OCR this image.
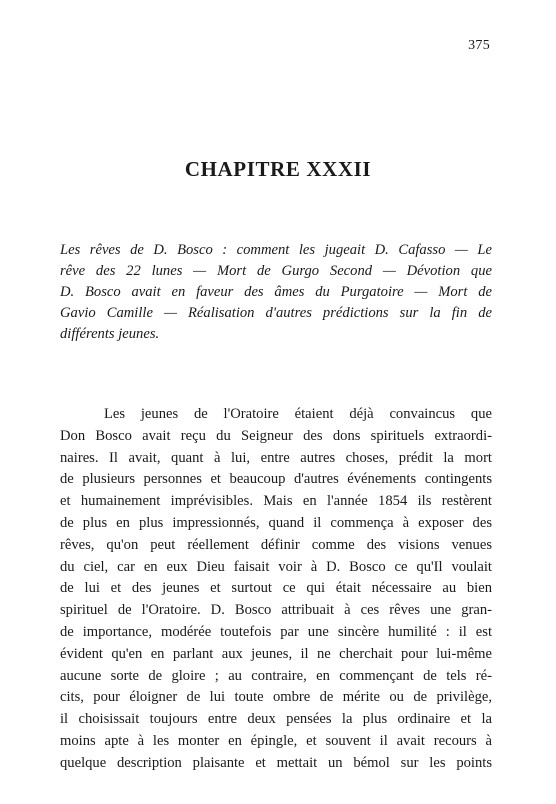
375
CHAPITRE XXXII
Les rêves de D. Bosco : comment les jugeait D. Cafasso — Le
rêve des 22 lunes — Mort de Gurgo Second — Dévotion que
D. Bosco avait en faveur des âmes du Purgatoire — Mort de
Gavio Camille — Réalisation d'autres prédictions sur la fin de
différents jeunes.
Les jeunes de l'Oratoire étaient déjà convaincus que
Don Bosco avait reçu du Seigneur des dons spirituels extraordi-
naires. Il avait, quant à lui, entre autres choses, prédit la mort
de plusieurs personnes et beaucoup d'autres événements contingents
et humainement imprévisibles. Mais en l'année 1854 ils restèrent
de plus en plus impressionnés, quand il commença à exposer des
rêves, qu'on peut réellement définir comme des visions venues
du ciel, car en eux Dieu faisait voir à D. Bosco ce qu'Il voulait
de lui et des jeunes et surtout ce qui était nécessaire au bien
spirituel de l'Oratoire. D. Bosco attribuait à ces rêves une gran-
de importance, modérée toutefois par une sincère humilité : il est
évident qu'en en parlant aux jeunes, il ne cherchait pour lui-même
aucune sorte de gloire ; au contraire, en commençant de tels ré-
cits, pour éloigner de lui toute ombre de mérite ou de privilège,
il choisissait toujours entre deux pensées la plus ordinaire et la
moins apte à les monter en épingle, et souvent il avait recours à
quelque description plaisante et mettait un bémol sur les points
